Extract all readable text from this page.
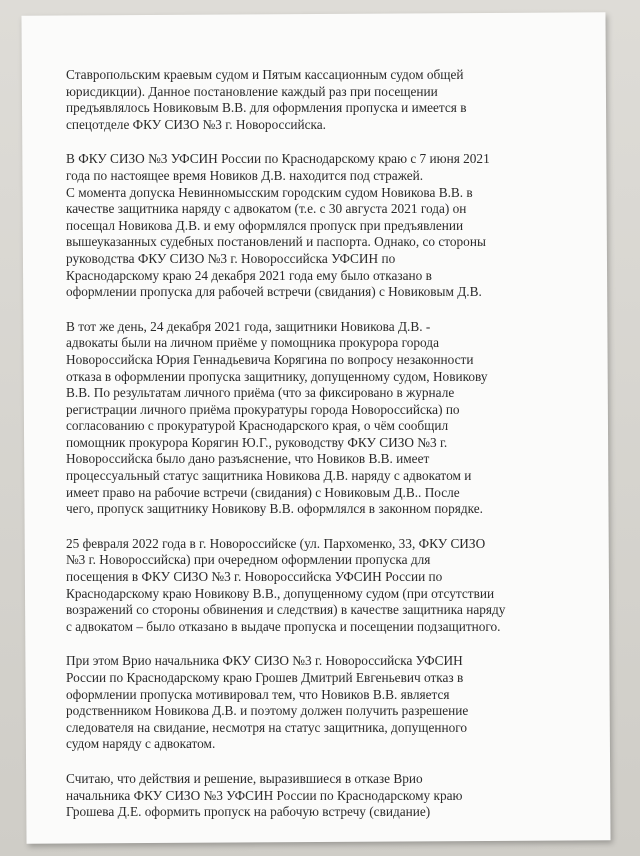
Ставропольским краевым судом и Пятым кассационным судом общей
юрисдикции). Данное постановление каждый раз при посещении
предъявлялось Новиковым В.В. для оформления пропуска и имеется в
спецотделе ФКУ СИЗО №3 г. Новороссийска.
В ФКУ СИЗО №3 УФСИН России по Краснодарскому краю с 7 июня 2021
года по настоящее время Новиков Д.В. находится под стражей.
С момента допуска Невинномысским городским судом Новикова В.В. в
качестве защитника наряду с адвокатом (т.е. с 30 августа 2021 года) он
посещал Новикова Д.В. и ему оформлялся пропуск при предъявлении
вышеуказанных судебных постановлений и паспорта. Однако, со стороны
руководства ФКУ СИЗО №3 г. Новороссийска УФСИН по
Краснодарскому краю 24 декабря 2021 года ему было отказано в
оформлении пропуска для рабочей встречи (свидания) с Новиковым Д.В.
В тот же день, 24 декабря 2021 года, защитники Новикова Д.В. -
адвокаты были на личном приёме у помощника прокурора города
Новороссийска Юрия Геннадьевича Корягина по вопросу незаконности
отказа в оформлении пропуска защитнику, допущенному судом, Новикову
В.В. По результатам личного приёма (что за фиксировано в журнале
регистрации личного приёма прокуратуры города Новороссийска) по
согласованию с прокуратурой Краснодарского края, о чём сообщил
помощник прокурора Корягин Ю.Г., руководству ФКУ СИЗО №3 г.
Новороссийска было дано разъяснение, что Новиков В.В. имеет
процессуальный статус защитника Новикова Д.В. наряду с адвокатом и
имеет право на рабочие встречи (свидания) с Новиковым Д.В.. После
чего, пропуск защитнику Новикову В.В. оформлялся в законном порядке.
25 февраля 2022 года в г. Новороссийске (ул. Пархоменко, 33, ФКУ СИЗО
№3 г. Новороссийска) при очередном оформлении пропуска для
посещения в ФКУ СИЗО №3 г. Новороссийска УФСИН России по
Краснодарскому краю Новикову В.В., допущенному судом (при отсутствии
возражений со стороны обвинения и следствия) в качестве защитника наряду
с адвокатом – было отказано в выдаче пропуска и посещении подзащитного.
При этом Врио начальника ФКУ СИЗО №3 г. Новороссийска УФСИН
России по Краснодарскому краю Грошев Дмитрий Евгеньевич отказ в
оформлении пропуска мотивировал тем, что Новиков В.В. является
родственником Новикова Д.В. и поэтому должен получить разрешение
следователя на свидание, несмотря на статус защитника, допущенного
судом наряду с адвокатом.
Считаю, что действия и решение, выразившиеся в отказе Врио
начальника ФКУ СИЗО №3 УФСИН России по Краснодарскому краю
Грошева Д.Е. оформить пропуск на рабочую встречу (свидание)
